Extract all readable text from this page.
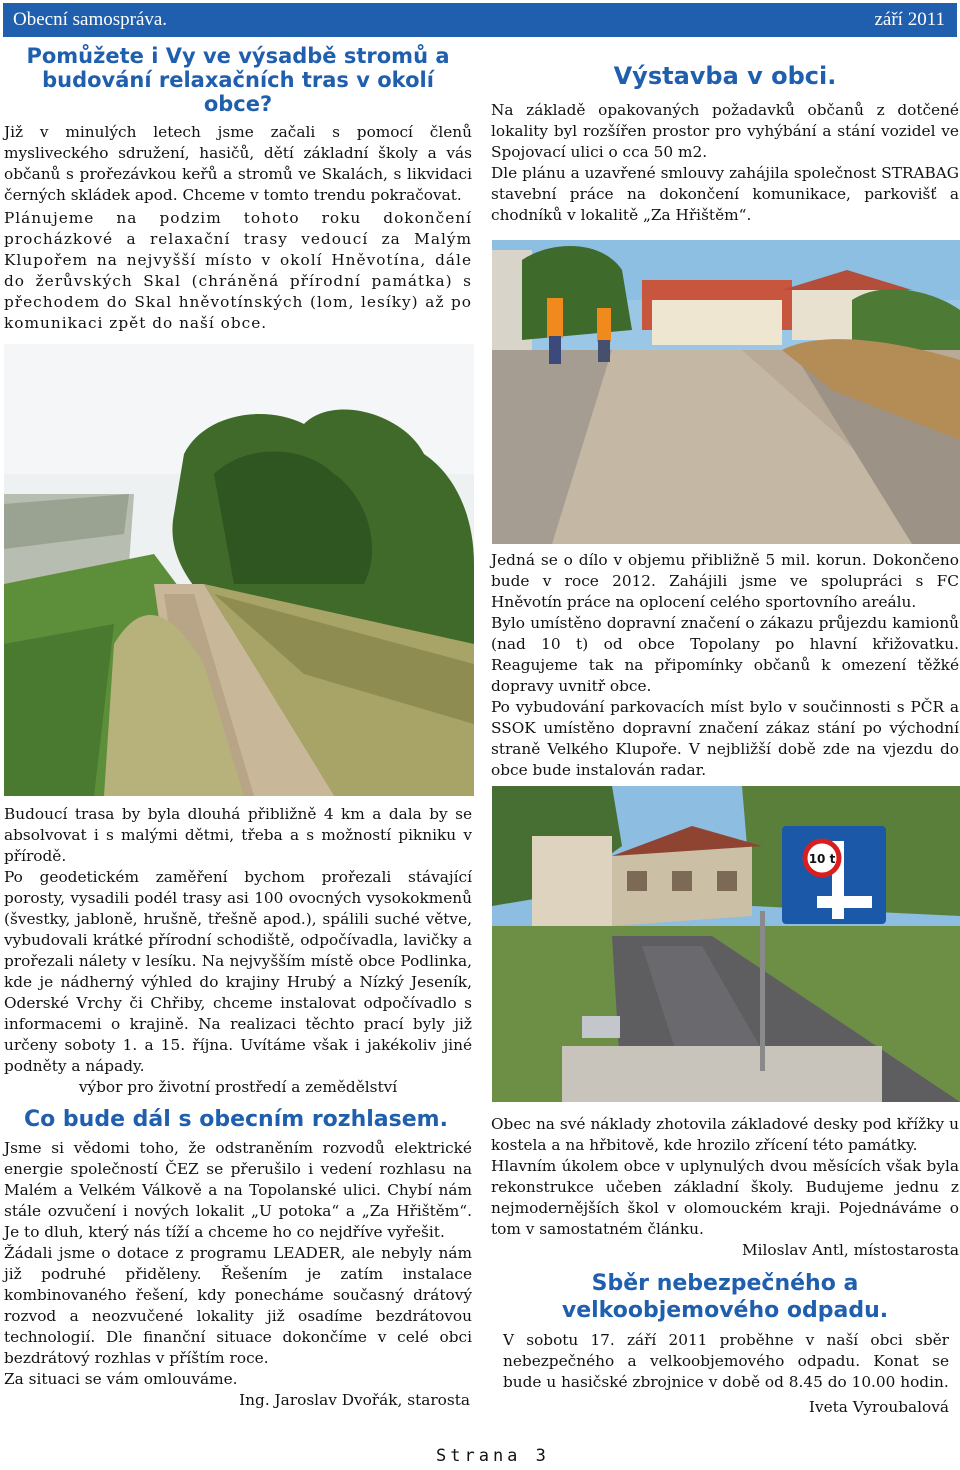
Obecní samospráva.	září 2011
Pomůžete i Vy ve výsadbě stromů a budování relaxačních tras v okolí obce?
Již v minulých letech jsme začali s pomocí členů mysliveckého sdružení, hasičů, dětí základní školy a vás občanů s prořezávkou keřů a stromů ve Skalách, s likvidaci černých skládek apod. Chceme v tomto trendu pokračovat.
Plánujeme na podzim tohoto roku dokončení procházkové a relaxační trasy vedoucí za Malým Klupořem na nejvyšší místo v okolí Hněvotína, dále do žerůvských Skal (chráněná přírodní památka) s přechodem do Skal hněvotínských (lom, lesíky) až po komunikaci zpět do naší obce.
Budoucí trasa by byla dlouhá přibližně 4 km a dala by se absolvovat i s malými dětmi, třeba a s možností pikniku v přírodě.
Po geodetickém zaměření bychom prořezali stávající porosty, vysadili podél trasy asi 100 ovocných vysokokmenů (švestky, jabloně, hrušně, třešně apod.), spálili suché větve, vybudovali krátké přírodní schodiště, odpočívadla, lavičky a prořezali nálety v lesíku. Na nejvyšším místě obce Podlinka, kde je nádherný výhled do krajiny Hrubý a Nízký Jeseník, Oderské Vrchy či Chřiby, chceme instalovat odpočívadlo s informacemi o krajině. Na realizaci těchto prací byly již určeny soboty 1. a 15. října. Uvítáme však i jakékoliv jiné podněty a nápady.
výbor pro životní prostředí a zemědělství
Co bude dál s obecním rozhlasem.
Jsme si vědomi toho, že odstraněním rozvodů elektrické energie společností ČEZ se přerušilo i vedení rozhlasu na Malém a Velkém Válkově a na Topolanské ulici. Chybí nám stále ozvučení i nových lokalit „U potoka“ a „Za Hřištěm“. Je to dluh, který nás tíží a chceme ho co nejdříve vyřešit.
Žádali jsme o dotace z programu LEADER, ale nebyly nám již podruhé přiděleny. Řešením je zatím instalace kombinovaného řešení, kdy ponecháme současný drátový rozvod a neozvučené lokality již osadíme bezdrátovou technologií. Dle finanční situace dokončíme v celé obci bezdrátový rozhlas v příštím roce.
Za situaci se vám omlouváme.
Ing. Jaroslav Dvořák, starosta
Výstavba v obci.
Na základě opakovaných požadavků občanů z dotčené lokality byl rozšířen prostor pro vyhýbání a stání vozidel ve Spojovací ulici o cca 50 m2.
Dle plánu a uzavřené smlouvy zahájila společnost STRABAG stavební práce na dokončení komunikace, parkovišť a chodníků v lokalitě „Za Hřištěm“.
Jedná se o dílo v objemu přibližně 5 mil. korun. Dokončeno bude v roce 2012. Zahájili jsme ve spolupráci s FC Hněvotín práce na oplocení celého sportovního areálu.
Bylo umístěno dopravní značení o zákazu průjezdu kamionů (nad 10 t) od obce Topolany po hlavní křižovatku. Reagujeme tak na připomínky občanů k omezení těžké dopravy uvnitř obce.
Po vybudování parkovacích míst bylo v součinnosti s PČR a SSOK umístěno dopravní značení zákaz stání po východní straně Velkého Klupoře. V nejbližší době zde na vjezdu do obce bude instalován radar.
10 t
Obec na své náklady zhotovila základové desky pod křížky u kostela a na hřbitově, kde hrozilo zřícení této památky.
Hlavním úkolem obce v uplynulých dvou měsících však byla rekonstrukce učeben základní školy. Budujeme jednu z nejmodernějších škol v olomouckém kraji. Pojednáváme o tom v samostatném článku.
Miloslav Antl, místostarosta
Sběr nebezpečného a velkoobjemového odpadu.
V sobotu 17. září 2011 proběhne v naší obci sběr nebezpečného a velkoobjemového odpadu. Konat se bude u hasičské zbrojnice v době od 8.45 do 10.00 hodin.
Iveta Vyroubalová
Strana 3
